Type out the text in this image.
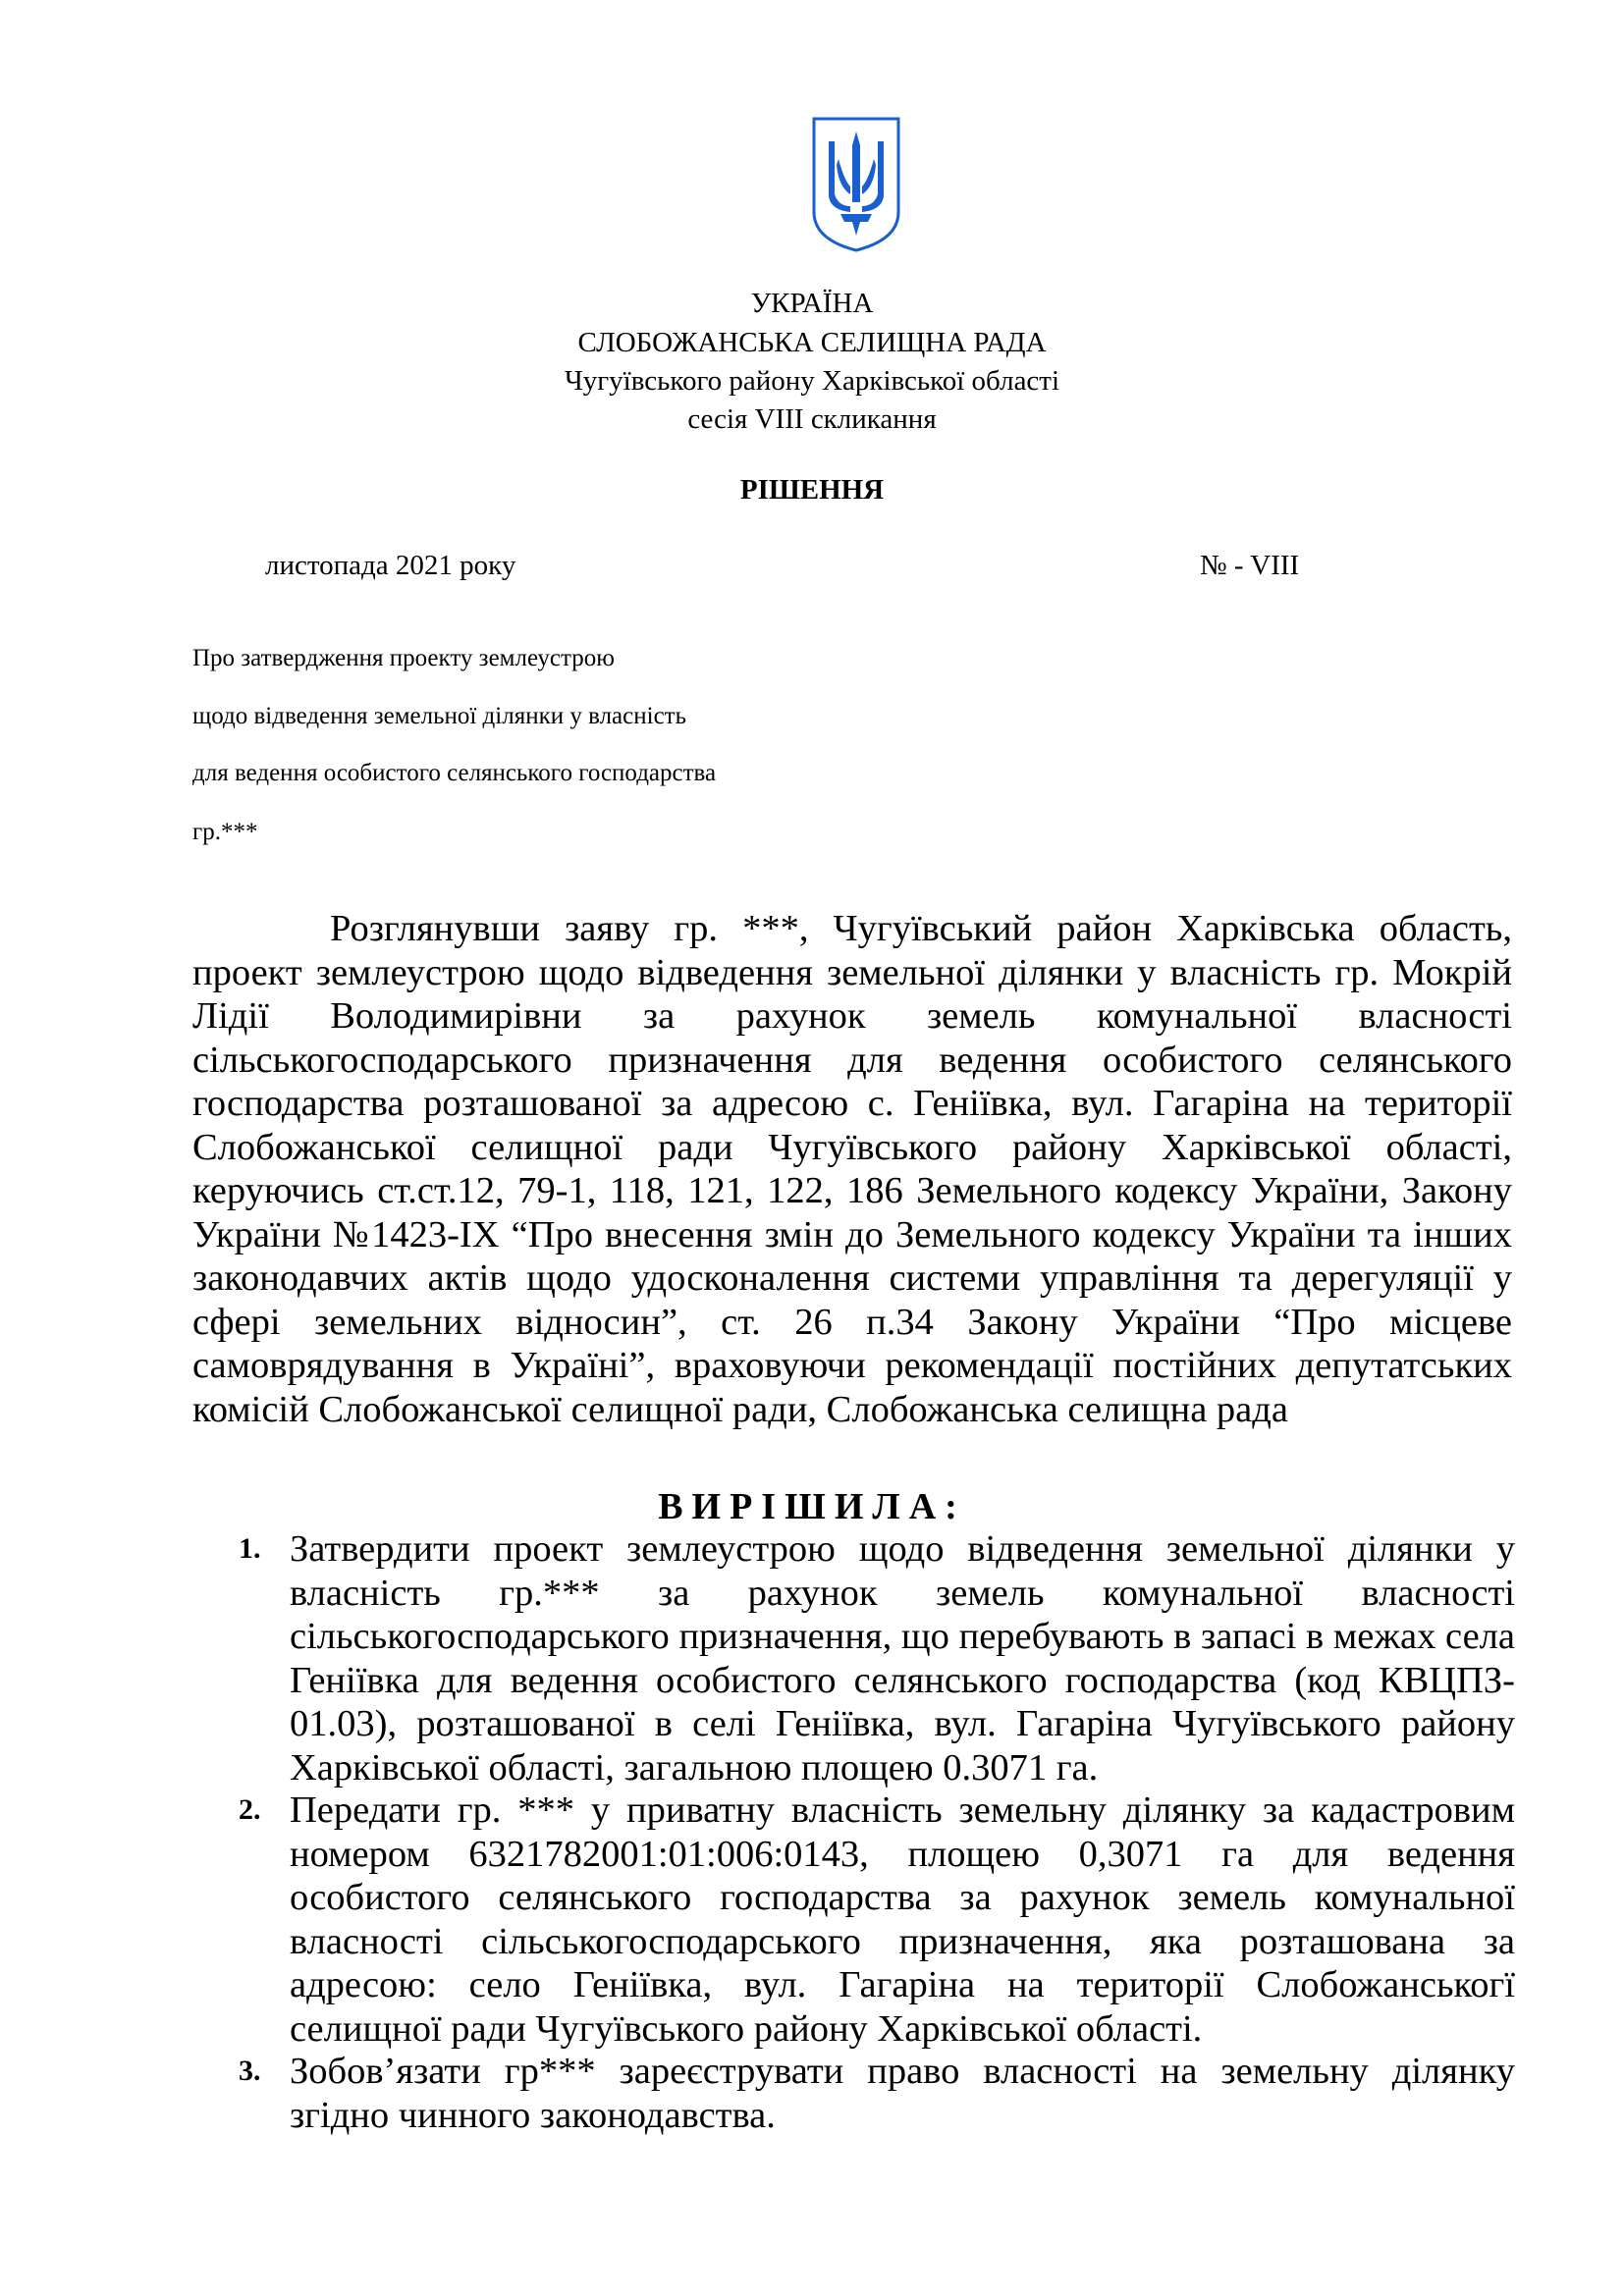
УКРАЇНА
СЛОБОЖАНСЬКА СЕЛИЩНА РАДА
Чугуївського району Харківської області
сесія VIII скликання
РІШЕННЯ
листопада 2021 року	№ - VIII
Про затвердження проекту землеустрою
щодо відведення земельної ділянки у власність
для ведення особистого селянського господарства
гр.***

Розглянувши заяву гр. ***, Чугуївський район Харківська область, проект землеустрою щодо відведення земельної ділянки у власність гр. Мокрій Лідії Володимирівни за рахунок земель комунальної власності сільськогосподарського призначення для ведення особистого селянського господарства розташованої за адресою с. Геніївка, вул. Гагаріна на території Слобожанської селищної ради Чугуївського району Харківської області, керуючись ст.ст.12, 79-1, 118, 121, 122, 186 Земельного кодексу України, Закону України №1423-IX “Про внесення змін до Земельного кодексу України та інших законодавчих актів щодо удосконалення системи управління та дерегуляції у сфері земельних відносин”, ст. 26 п.34 Закону України “Про місцеве самоврядування в Україні”, враховуючи рекомендації постійних депутатських комісій Слобожанської селищної ради, Слобожанська селищна рада

ВИРІШИЛА:
1. Затвердити проект землеустрою щодо відведення земельної ділянки у власність гр.*** за рахунок земель комунальної власності сільськогосподарського призначення, що перебувають в запасі в межах села Геніївка для ведення особистого селянського господарства (код КВЦПЗ- 01.03), розташованої в селі Геніївка, вул. Гагаріна Чугуївського району Харківської області, загальною площею 0.3071 га.
2. Передати гр. *** у приватну власність земельну ділянку за кадастровим номером 6321782001:01:006:0143, площею 0,3071 га для ведення особистого селянського господарства за рахунок земель комунальної власності сільськогосподарського призначення, яка розташована за адресою: село Геніївка, вул. Гагаріна на території Слобожанськогї селищної ради Чугуївського району Харківської області.
3. Зобов’язати гр*** зареєструвати право власності на земельну ділянку згідно чинного законодавства.
